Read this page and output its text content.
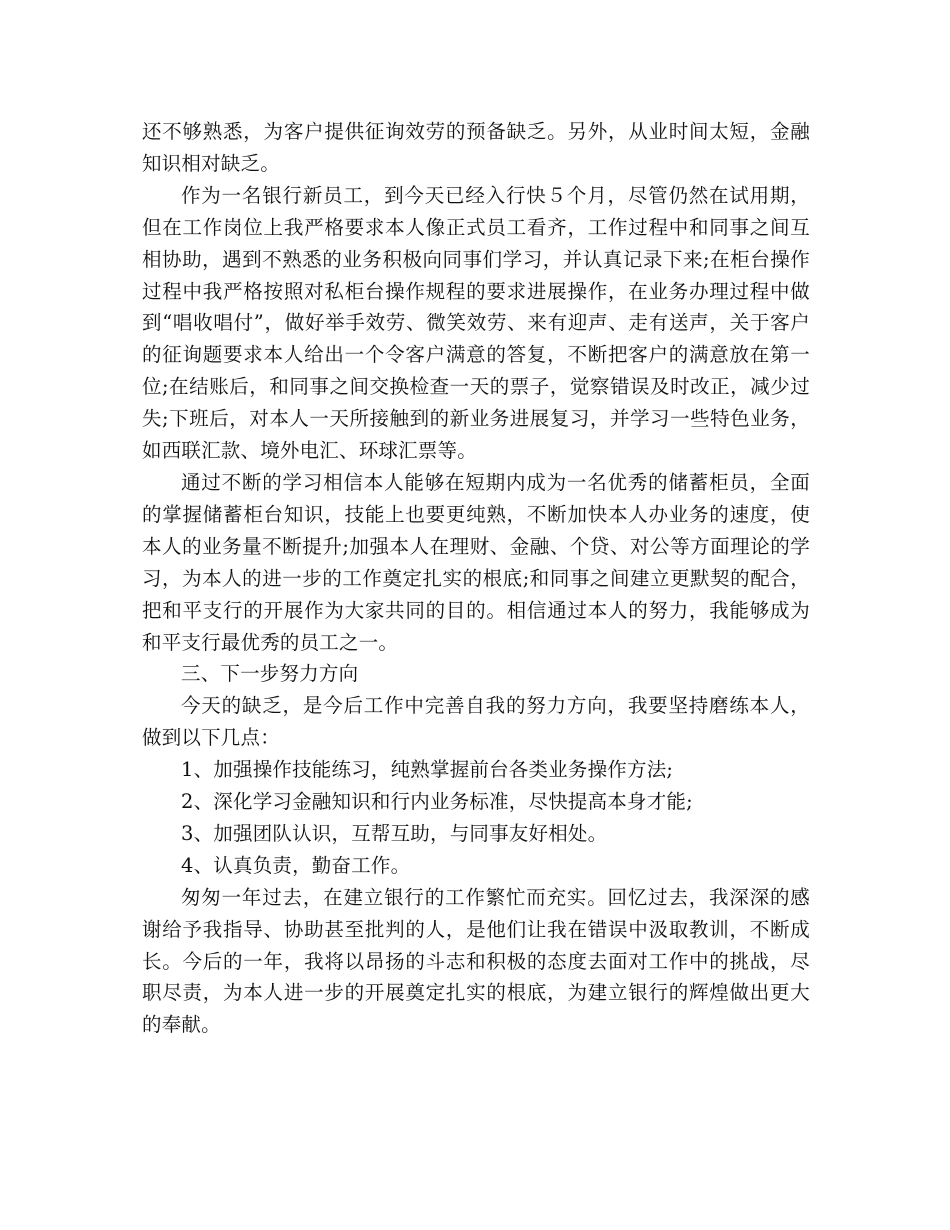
还不够熟悉，为客户提供征询效劳的预备缺乏。另外，从业时间太短，金融知识相对缺乏。

作为一名银行新员工，到今天已经入行快５个月，尽管仍然在试用期，但在工作岗位上我严格要求本人像正式员工看齐，工作过程中和同事之间互相协助，遇到不熟悉的业务积极向同事们学习，并认真记录下来;在柜台操作过程中我严格按照对私柜台操作规程的要求进展操作，在业务办理过程中做到“唱收唱付”，做好举手效劳、微笑效劳、来有迎声、走有送声，关于客户的征询题要求本人给出一个令客户满意的答复，不断把客户的满意放在第一位;在结账后，和同事之间交换检查一天的票子，觉察错误及时改正，减少过失;下班后，对本人一天所接触到的新业务进展复习，并学习一些特色业务，如西联汇款、境外电汇、环球汇票等。

通过不断的学习相信本人能够在短期内成为一名优秀的储蓄柜员，全面的掌握储蓄柜台知识，技能上也要更纯熟，不断加快本人办业务的速度，使本人的业务量不断提升;加强本人在理财、金融、个贷、对公等方面理论的学习，为本人的进一步的工作奠定扎实的根底;和同事之间建立更默契的配合，把和平支行的开展作为大家共同的目的。相信通过本人的努力，我能够成为和平支行最优秀的员工之一。

三、下一步努力方向

今天的缺乏，是今后工作中完善自我的努力方向，我要坚持磨练本人，做到以下几点：

1、加强操作技能练习，纯熟掌握前台各类业务操作方法;

2、深化学习金融知识和行内业务标准，尽快提高本身才能;

3、加强团队认识，互帮互助，与同事友好相处。

4、认真负责，勤奋工作。

匆匆一年过去，在建立银行的工作繁忙而充实。回忆过去，我深深的感谢给予我指导、协助甚至批判的人，是他们让我在错误中汲取教训，不断成长。今后的一年，我将以昂扬的斗志和积极的态度去面对工作中的挑战，尽职尽责，为本人进一步的开展奠定扎实的根底，为建立银行的辉煌做出更大的奉献。
